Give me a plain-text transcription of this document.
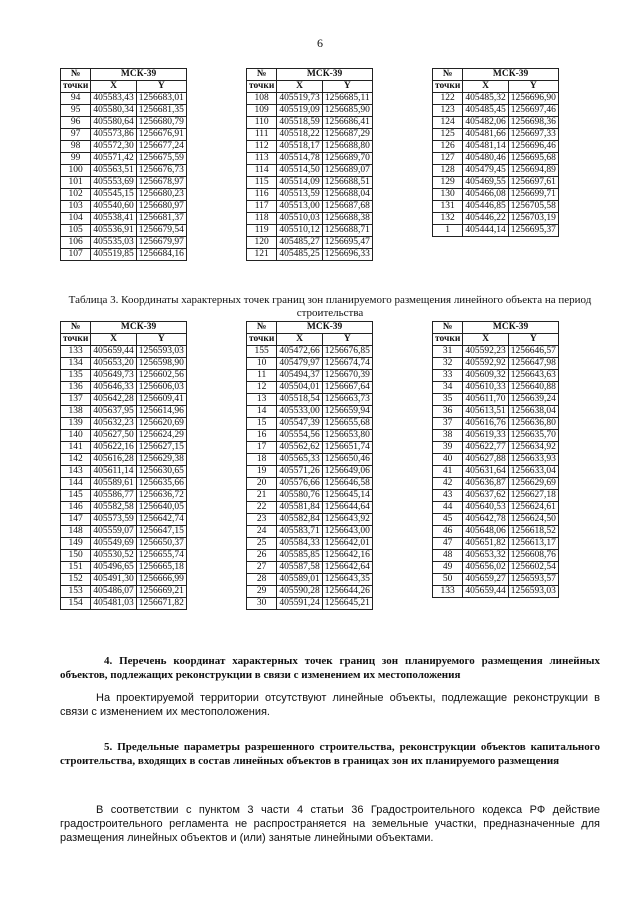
6
№	МСК-39	
точки	X	Y
94	405583,43	1256683,01
95	405580,34	1256681,35
96	405580,64	1256680,79
97	405573,86	1256676,91
98	405572,30	1256677,24
99	405571,42	1256675,59
100	405563,51	1256676,73
101	405553,69	1256678,97
102	405545,15	1256680,23
103	405540,60	1256680,97
104	405538,41	1256681,37
105	405536,91	1256679,54
106	405535,03	1256679,97
107	405519,85	1256684,16
№	МСК-39	
точки	X	Y
108	405519,73	1256685,11
109	405519,09	1256685,90
110	405518,59	1256686,41
111	405518,22	1256687,29
112	405518,17	1256688,80
113	405514,78	1256689,70
114	405514,50	1256689,07
115	405514,09	1256688,51
116	405513,59	1256688,04
117	405513,00	1256687,68
118	405510,03	1256688,38
119	405510,12	1256688,71
120	405485,27	1256695,47
121	405485,25	1256696,33
№	МСК-39	
точки	X	Y
122	405485,32	1256696,90
123	405485,45	1256697,46
124	405482,06	1256698,36
125	405481,66	1256697,33
126	405481,14	1256696,46
127	405480,46	1256695,68
128	405479,45	1256694,89
129	405469,55	1256697,61
130	405466,08	1256699,71
131	405446,85	1256705,58
132	405446,22	1256703,19
1	405444,14	1256695,37
Таблица 3. Координаты характерных точек границ зон планируемого размещения линейного объекта на период строительства
№	МСК-39	
точки	X	Y
133	405659,44	1256593,03
134	405653,20	1256598,90
135	405649,73	1256602,56
136	405646,33	1256606,03
137	405642,28	1256609,41
138	405637,95	1256614,96
139	405632,23	1256620,69
140	405627,50	1256624,29
141	405622,16	1256627,15
142	405616,28	1256629,38
143	405611,14	1256630,65
144	405589,61	1256635,66
145	405586,77	1256636,72
146	405582,58	1256640,05
147	405573,59	1256642,74
148	405559,07	1256647,15
149	405549,69	1256650,37
150	405530,52	1256655,74
151	405496,65	1256665,18
152	405491,30	1256666,99
153	405486,07	1256669,21
154	405481,03	1256671,82
№	МСК-39	
точки	X	Y
155	405472,66	1256676,85
10	405479,97	1256674,74
11	405494,37	1256670,39
12	405504,01	1256667,64
13	405518,54	1256663,73
14	405533,00	1256659,94
15	405547,39	1256655,68
16	405554,56	1256653,80
17	405562,62	1256651,74
18	405565,33	1256650,46
19	405571,26	1256649,06
20	405576,66	1256646,58
21	405580,76	1256645,14
22	405581,84	1256644,64
23	405582,84	1256643,92
24	405583,71	1256643,00
25	405584,33	1256642,01
26	405585,85	1256642,16
27	405587,58	1256642,64
28	405589,01	1256643,35
29	405590,28	1256644,26
30	405591,24	1256645,21
№	МСК-39	
точки	X	Y
31	405592,23	1256646,57
32	405592,92	1256647,98
33	405609,32	1256643,63
34	405610,33	1256640,88
35	405611,70	1256639,24
36	405613,51	1256638,04
37	405616,76	1256636,80
38	405619,33	1256635,70
39	405622,77	1256634,92
40	405627,88	1256633,93
41	405631,64	1256633,04
42	405636,87	1256629,69
43	405637,62	1256627,18
44	405640,53	1256624,61
45	405642,78	1256624,50
46	405648,06	1256618,52
47	405651,82	1256613,17
48	405653,32	1256608,76
49	405656,02	1256602,54
50	405659,27	1256593,57
133	405659,44	1256593,03
4. Перечень координат характерных точек границ зон планируемого размещения линейных объектов, подлежащих реконструкции в связи с изменением их местоположения
На проектируемой территории отсутствуют линейные объекты, подлежащие реконструкции в связи с изменением их местоположения.
5. Предельные параметры разрешенного строительства, реконструкции объектов капитального строительства, входящих в состав линейных объектов в границах зон их планируемого размещения
В соответствии с пунктом 3 части 4 статьи 36 Градостроительного кодекса РФ действие градостроительного регламента не распространяется на земельные участки, предназначенные для размещения линейных объектов и (или) занятые линейными объектами.
